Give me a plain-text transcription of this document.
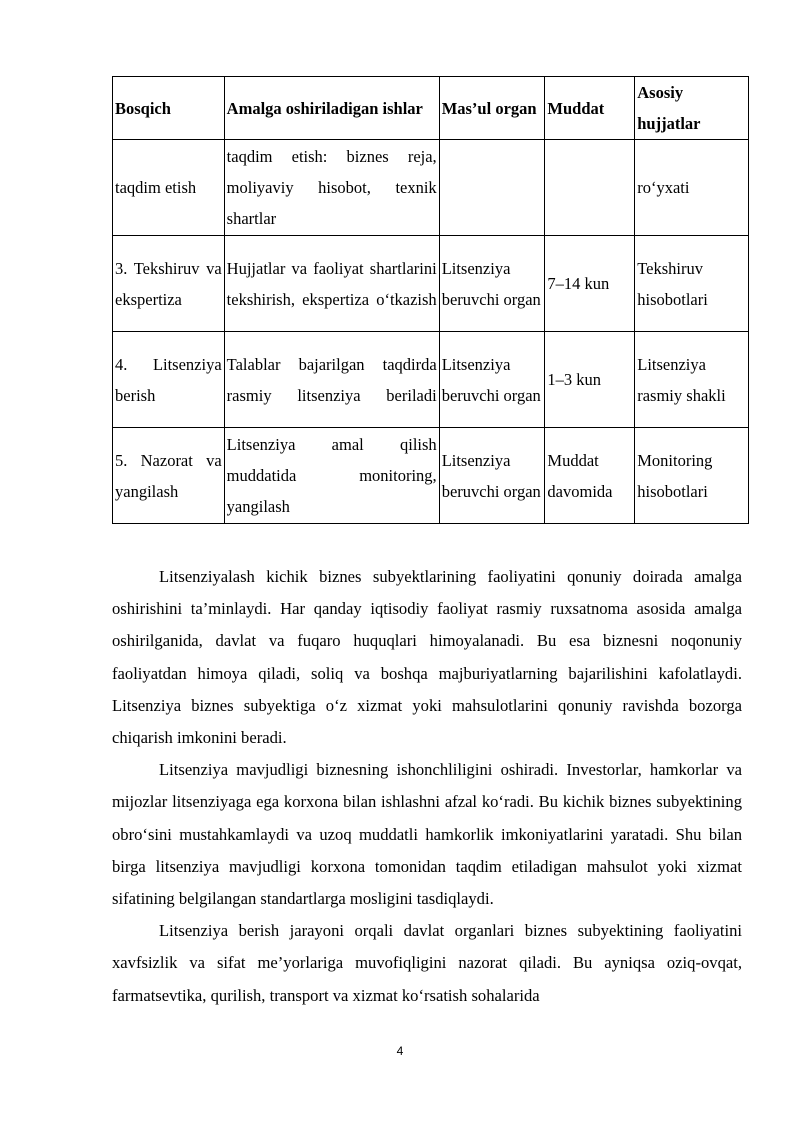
Bosqich	Amalga oshiriladigan ishlar	Mas’ul organ	Muddat	Asosiy hujjatlar
taqdim etish	taqdim etish: biznes reja, moliyaviy hisobot, texnik shartlar			ro‘yxati
3. Tekshiruv va ekspertiza	Hujjatlar va faoliyat shartlarini tekshirish, ekspertiza o‘tkazish	Litsenziya beruvchi organ	7–14 kun	Tekshiruv hisobotlari
4. Litsenziya berish	Talablar bajarilgan taqdirda rasmiy litsenziya beriladi	Litsenziya beruvchi organ	1–3 kun	Litsenziya rasmiy shakli
5. Nazorat va yangilash	Litsenziya amal qilish muddatida monitoring, yangilash	Litsenziya beruvchi organ	Muddat davomida	Monitoring hisobotlari

Litsenziyalash kichik biznes subyektlarining faoliyatini qonuniy doirada amalga oshirishini ta’minlaydi. Har qanday iqtisodiy faoliyat rasmiy ruxsatnoma asosida amalga oshirilganida, davlat va fuqaro huquqlari himoyalanadi. Bu esa biznesni noqonuniy faoliyatdan himoya qiladi, soliq va boshqa majburiyatlarning bajarilishini kafolatlaydi. Litsenziya biznes subyektiga o‘z xizmat yoki mahsulotlarini qonuniy ravishda bozorga chiqarish imkonini beradi.

Litsenziya mavjudligi biznesning ishonchliligini oshiradi. Investorlar, hamkorlar va mijozlar litsenziyaga ega korxona bilan ishlashni afzal ko‘radi. Bu kichik biznes subyektining obro‘sini mustahkamlaydi va uzoq muddatli hamkorlik imkoniyatlarini yaratadi. Shu bilan birga litsenziya mavjudligi korxona tomonidan taqdim etiladigan mahsulot yoki xizmat sifatining belgilangan standartlarga mosligini tasdiqlaydi.

Litsenziya berish jarayoni orqali davlat organlari biznes subyektining faoliyatini xavfsizlik va sifat me’yorlariga muvofiqligini nazorat qiladi. Bu ayniqsa oziq-ovqat, farmatsevtika, qurilish, transport va xizmat ko‘rsatish sohalarida

4
